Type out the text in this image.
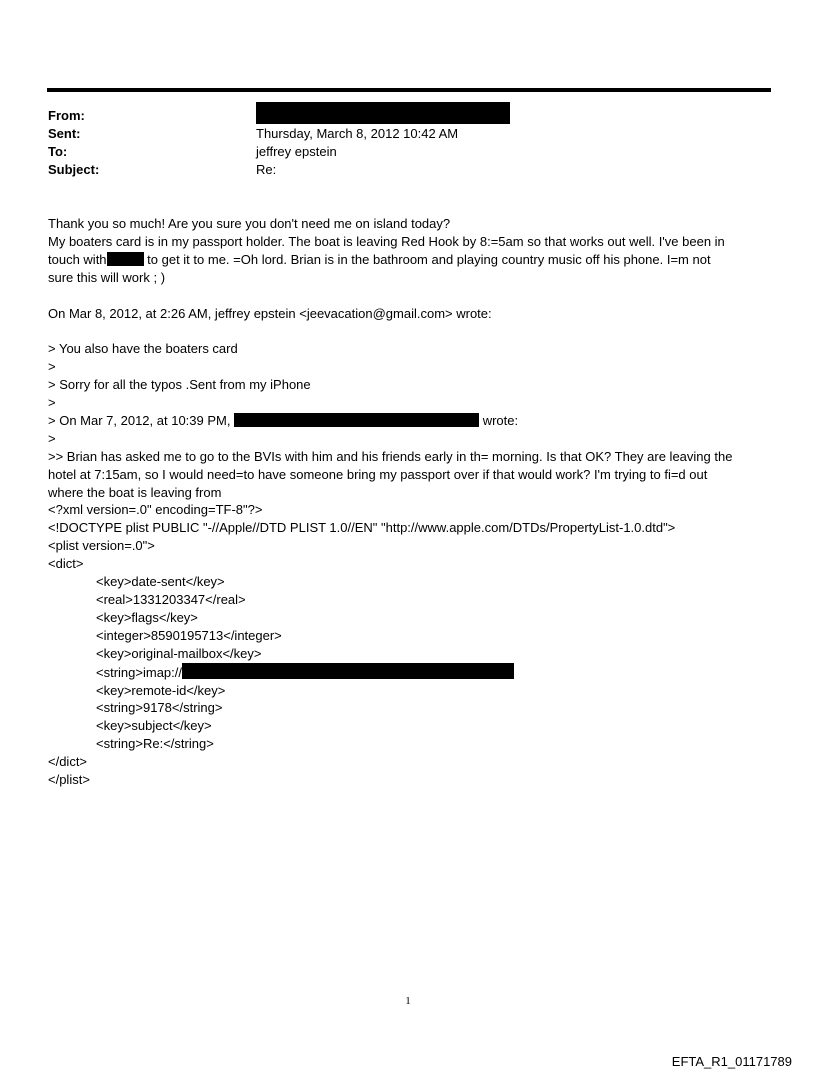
From:
Sent:	Thursday, March 8, 2012 10:42 AM
To:	jeffrey epstein
Subject:	Re:

Thank you so much! Are you sure you don't need me on island today?

My boaters card is in my passport holder. The boat is leaving Red Hook by 8:=5am so that works out well. I've been in

touch with	to get it to me. =Oh lord. Brian is in the bathroom and playing country music off his phone. I=m not

sure this will work ; )

On Mar 8, 2012, at 2:26 AM, jeffrey epstein <jeevacation@gmail.com> wrote:

> You also have the boaters card

>

> Sorry for all the typos .Sent from my iPhone

>

> On Mar 7, 2012, at 10:39 PM,	wrote:

>

>> Brian has asked me to go to the BVIs with him and his friends early in th= morning. Is that OK? They are leaving the

hotel at 7:15am, so I would need=to have someone bring my passport over if that would work? I'm trying to fi=d out

where the boat is leaving from

<?xml version=.0" encoding=TF-8"?>

<!DOCTYPE plist PUBLIC "-//Apple//DTD PLIST 1.0//EN" "http://www.apple.com/DTDs/PropertyList-1.0.dtd">

<plist version=.0">

<dict>

<key>date-sent</key>

<real>1331203347</real>

<key>flags</key>

<integer>8590195713</integer>

<key>original-mailbox</key>

<string>imap://

<key>remote-id</key>

<string>9178</string>

<key>subject</key>

<string>Re:</string>

</dict>

</plist>

1
EFTA_R1_01171789
